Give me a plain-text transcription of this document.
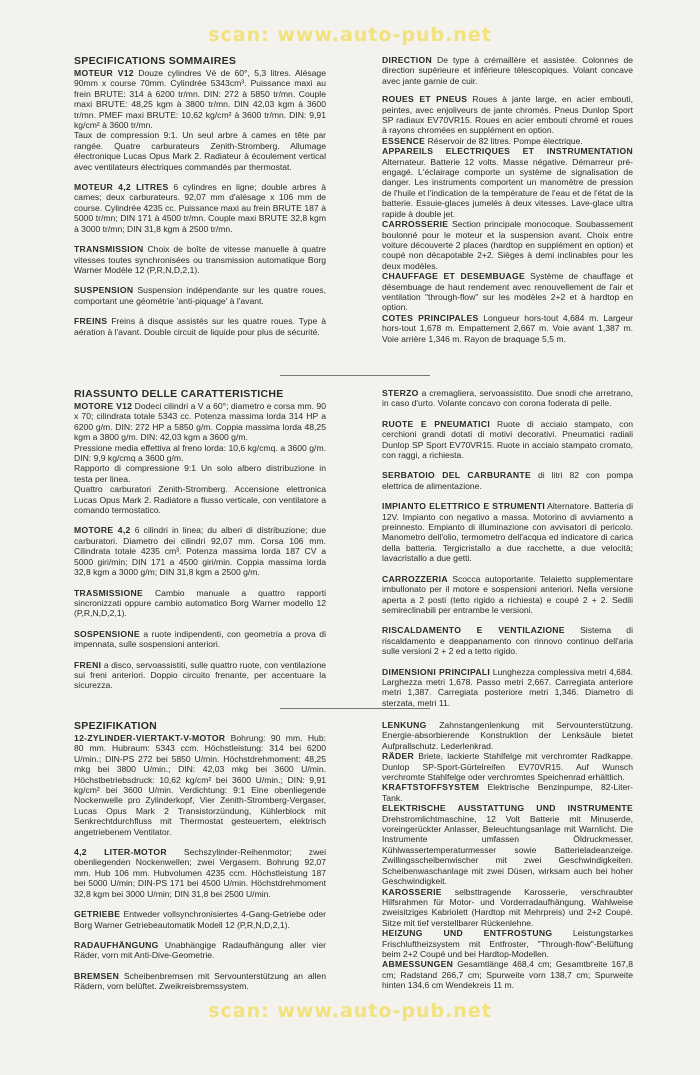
scan: www.auto-pub.net
scan: www.auto-pub.net
SPECIFICATIONS SOMMAIRES
MOTEUR V12 Douze cylindres Vé de 60°, 5,3 litres. Alésage 90mm x course 70mm. Cylindrée 5343cm³. Puissance maxi au frein BRUTE: 314 à 6200 tr/mn. DIN: 272 à 5850 tr/mn. Couple maxi BRUTE: 48,25 kgm à 3800 tr/mn. DIN 42,03 kgm à 3600 tr/mn. PMEF maxi BRUTE: 10,62 kg/cm² à 3600 tr/mn. DIN: 9,91 kg/cm² à 3600 tr/mn.
Taux de compression 9:1. Un seul arbre à cames en tête par rangée. Quatre carburateurs Zenith-Stromberg. Allumage électronique Lucas Opus Mark 2. Radiateur à écoulement vertical avec ventilateurs électriques commandés par thermostat.
MOTEUR 4,2 LITRES 6 cylindres en ligne; double arbres à cames; deux carburateurs. 92,07 mm d'alésage x 106 mm de course. Cylindrée 4235 cc. Puissance maxi au frein BRUTE 187 à 5000 tr/mn; DIN 171 à 4500 tr/mn. Couple maxi BRUTE 32,8 kgm à 3000 tr/mn; DIN 31,8 kgm à 2500 tr/mn.
TRANSMISSION Choix de boîte de vitesse manuelle à quatre vitesses toutes synchronisées ou transmission automatique Borg Warner Modèle 12 (P,R,N,D,2,1).
SUSPENSION Suspension indépendante sur les quatre roues, comportant une géométrie 'anti-piquage' à l'avant.
FREINS Freins à disque assistés sur les quatre roues. Type à aération à l'avant. Double circuit de liquide pour plus de sécurité.
DIRECTION De type à crémaillère et assistée. Colonnes de direction supérieure et inférieure télescopiques. Volant concave avec jante garnie de cuir.
ROUES ET PNEUS Roues à jante large, en acier embouti, peintes, avec enjoliveurs de jante chromés. Pneus Dunlop Sport SP radiaux EV70VR15. Roues en acier embouti chromé et roues à rayons chromées en supplément en option.
ESSENCE Réservoir de 82 litres. Pompe électrique.
APPAREILS ELECTRIQUES ET INSTRUMENTATION Alternateur. Batterie 12 volts. Masse négative. Démarreur pré-engagé. L'éclairage comporte un système de signalisation de danger. Les instruments comportent un manomètre de pression de l'huile et l'indication de la température de l'eau et de l'état de la batterie. Essuie-glaces jumelés à deux vitesses. Lave-glace ultra rapide à double jet.
CARROSSERIE Section principale monocoque. Soubassement boulonné pour le moteur et la suspension avant. Choix entre voiture découverte 2 places (hardtop en supplément en option) et coupé non décapotable 2+2. Sièges à demi inclinables pour les deux modèles.
CHAUFFAGE ET DESEMBUAGE Système de chauffage et désembuage de haut rendement avec renouvellement de l'air et ventilation "through-flow" sur les modèles 2+2 et à hardtop en option.
COTES PRINCIPALES Longueur hors-tout 4,684 m. Largeur hors-tout 1,678 m. Empattement 2,667 m. Voie avant 1,387 m. Voie arrière 1,346 m. Rayon de braquage 5,5 m.
RIASSUNTO DELLE CARATTERISTICHE
MOTORE V12 Dodeci cilindri a V a 60°; diametro e corsa mm. 90 x 70; cilindrata totale 5343 cc. Potenza massima lorda 314 HP a 6200 g/m. DIN: 272 HP a 5850 g/m. Coppia massima lorda 48,25 kgm a 3800 g/m. DIN: 42,03 kgm a 3600 g/m.
Pressione media effettiva al freno lorda: 10,6 kg/cmq. a 3600 g/m. DIN: 9,9 kg/cmq a 3600 g/m.
Rapporto di compressione 9:1 Un solo albero distribuzione in testa per linea.
Quattro carburatori Zenith-Stromberg. Accensione elettronica Lucas Opus Mark 2. Radiatore a flusso verticale, con ventilatore a comando termostatico.
MOTORE 4,2 6 cilindri in linea; du alberi di distribuzione; due carburatori. Diametro dei cilindri 92,07 mm. Corsa 106 mm. Cilindrata totale 4235 cm³. Potenza massima lorda 187 CV a 5000 giri/min; DIN 171 a 4500 giri/min. Coppia massima lorda 32,8 kgm a 3000 g/m; DIN 31,8 kgm a 2500 g/m.
TRASMISSIONE Cambio manuale a quattro rapporti sincronizzati oppure cambio automatico Borg Warner modello 12 (P,R,N,D,2,1).
SOSPENSIONE a ruote indipendenti, con geometria a prova di impennata, sulle sospensioni anteriori.
FRENI a disco, servoassistiti, sulle quattro ruote, con ventilazione sui freni anteriori. Doppio circuito frenante, per accentuare la sicurezza.
STERZO a cremagliera, servoassistito. Due snodi che arretrano, in caso d'urto. Volante concavo con corona foderata di pelle.
RUOTE E PNEUMATICI Ruote di acciaio stampato, con cerchioni grandi dotati di motivi decorativi. Pneumatici radiali Dunlop SP Sport EV70VR15. Ruote in acciaio stampato cromato, con raggi, a richiesta.
SERBATOIO DEL CARBURANTE di litri 82 con pompa elettrica de alimentazione.
IMPIANTO ELETTRICO E STRUMENTI Alternatore. Batteria di 12V. Impianto con negativo a massa. Motorino di avviamento a preinnesto. Empianto di illuminazione con avvisatori di pericolo. Manometro dell'olio, termometro dell'acqua ed indicatore di carica della batteria. Tergicristallo a due racchette, a due velocità; lavacristallo a due getti.
CARROZZERIA Scocca autoportante. Telaietto supplementare imbullonato per il motore e sospensioni anteriori. Nella versione aperta a 2 posti (tetto rigido a richiesta) e coupé 2 + 2. Sedili semireclinabili per entrambe le versioni.
RISCALDAMENTO E VENTILAZIONE Sistema di riscaldamento e deappanamento con rinnovo continuo dell'aria sulle versioni 2 + 2 ed a tetto rigido.
DIMENSIONI PRINCIPALI Lunghezza complessiva metri 4,684. Larghezza metri 1,678. Passo metri 2,667. Carregiata anteriore metri 1,387. Carregiata posteriore metri 1,346. Diametro di sterzata, metri 11.
SPEZIFIKATION
12-ZYLINDER-VIERTAKT-V-MOTOR Bohrung: 90 mm. Hub: 80 mm. Hubraum: 5343 ccm. Höchstleistung: 314 bei 6200 U/min.; DIN-PS 272 bei 5850 U/min. Höchstdrehmoment: 48,25 mkg bei 3800 U/min.; DIN: 42,03 mkg bei 3600 U/min. Höchstbetriebsdruck: 10,62 kg/cm² bei 3600 U/min.; DIN: 9,91 kg/cm² bei 3600 U/min. Verdichtung: 9:1 Eine obenliegende Nockenwelle pro Zylinderkopf, Vier Zenith-Stromberg-Vergaser, Lucas Opus Mark 2 Transistorzündung, Kühlerblock mit Senkrechtdurchfluss mit Thermostat gesteuertem, elektrisch angetriebenem Ventilator.
4,2 LITER-MOTOR Sechszylinder-Reihenmotor; zwei obenliegenden Nockenwellen; zwei Vergasern. Bohrung 92,07 mm. Hub 106 mm. Hubvolumen 4235 ccm. Höchstleistung 187 bei 5000 U/min; DIN-PS 171 bei 4500 U/min. Höchstdrehmoment 32,8 kgm bei 3000 U/min; DIN 31,8 bei 2500 U/min.
GETRIEBE Entweder vollsynchronisiertes 4-Gang-Getriebe oder Borg Warner Getriebeautomatik Modell 12 (P,R,N,D,2,1).
RADAUFHÄNGUNG Unabhängige Radaufhängung aller vier Räder, vorn mit Anti-Dive-Geometrie.
BREMSEN Scheibenbremsen mit Servounterstützung an allen Rädern, vorn belüftet. Zweikreisbremssystem.
LENKUNG Zahnstangenlenkung mit Servounterstützung. Energie-absorbierende Konstruktion der Lenksäule bietet Aufprallschutz. Lederlenkrad.
RÄDER Briete, lackierte Stahlfelge mit verchromter Radkappe. Dunlop SP-Sport-Gürtelreifen EV70VR15. Auf Wunsch verchromte Stahlfelge oder verchromtes Speichenrad erhältlich.
KRAFTSTOFFSYSTEM Elektrische Benzinpumpe, 82-Liter-Tank.
ELEKTRISCHE AUSSTATTUNG UND INSTRUMENTE Drehstromlichtmaschine, 12 Volt Batterie mit Minuserde, voreingerückter Anlasser, Beleuchtungsanlage mit Warnlicht. Die Instrumente umfassen Öldruckmesser, Kühlwassertemperaturmesser sowie Batterieladeanzeige. Zwillingsscheibenwischer mit zwei Geschwindigkeiten. Scheibenwaschanlage mit zwei Düsen, wirksam auch bei hoher Geschwindigkeit.
KAROSSERIE selbsttragende Karosserie, verschraubter Hilfsrahmen für Motor- und Vorderradaufhängung. Wahlweise zweisitziges Kabriolett (Hardtop mit Mehrpreis) und 2+2 Coupé. Sitze mit tief verstellbarer Rückenlehne.
HEIZUNG UND ENTFROSTUNG Leistungstarkes Frischluftheizsystem mit Entfroster, "Through-flow"-Belüftung beim 2+2 Coupé und bei Hardtop-Modellen.
ABMESSUNGEN Gesamtlänge 468,4 cm; Gesamtbreite 167,8 cm; Radstand 266,7 cm; Spurweite vorn 138,7 cm; Spurweite hinten 134,6 cm Wendekreis 11 m.
